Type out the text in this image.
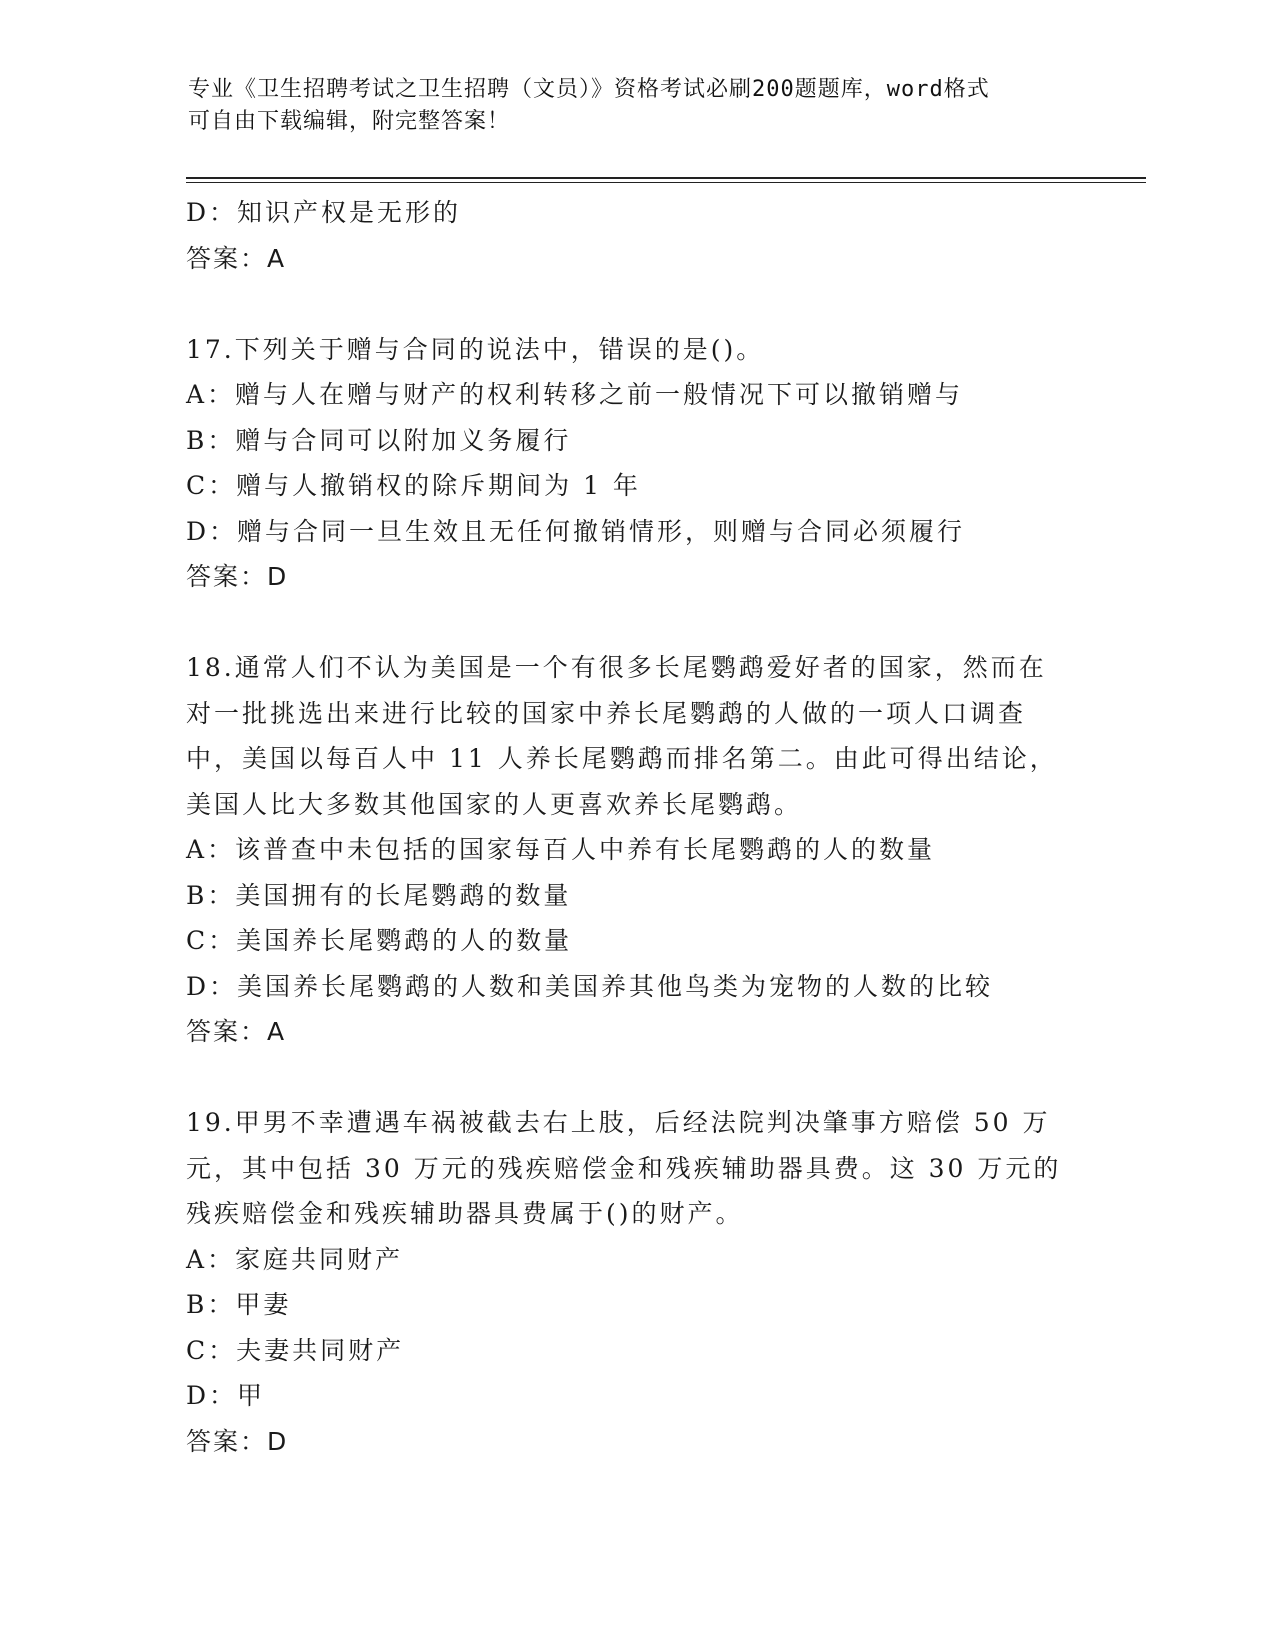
专业《卫生招聘考试之卫生招聘（文员）》资格考试必刷200题题库，word格式
可自由下载编辑，附完整答案！
D：知识产权是无形的
答案：A
17.下列关于赠与合同的说法中，错误的是()。
A：赠与人在赠与财产的权利转移之前一般情况下可以撤销赠与
B：赠与合同可以附加义务履行
C：赠与人撤销权的除斥期间为 1 年
D：赠与合同一旦生效且无任何撤销情形，则赠与合同必须履行
答案：D
18.通常人们不认为美国是一个有很多长尾鹦鹉爱好者的国家，然而在
对一批挑选出来进行比较的国家中养长尾鹦鹉的人做的一项人口调查
中，美国以每百人中 11 人养长尾鹦鹉而排名第二。由此可得出结论，
美国人比大多数其他国家的人更喜欢养长尾鹦鹉。
A：该普查中未包括的国家每百人中养有长尾鹦鹉的人的数量
B：美国拥有的长尾鹦鹉的数量
C：美国养长尾鹦鹉的人的数量
D：美国养长尾鹦鹉的人数和美国养其他鸟类为宠物的人数的比较
答案：A
19.甲男不幸遭遇车祸被截去右上肢，后经法院判决肇事方赔偿 50 万
元，其中包括 30 万元的残疾赔偿金和残疾辅助器具费。这 30 万元的
残疾赔偿金和残疾辅助器具费属于()的财产。
A：家庭共同财产
B：甲妻
C：夫妻共同财产
D：甲
答案：D
